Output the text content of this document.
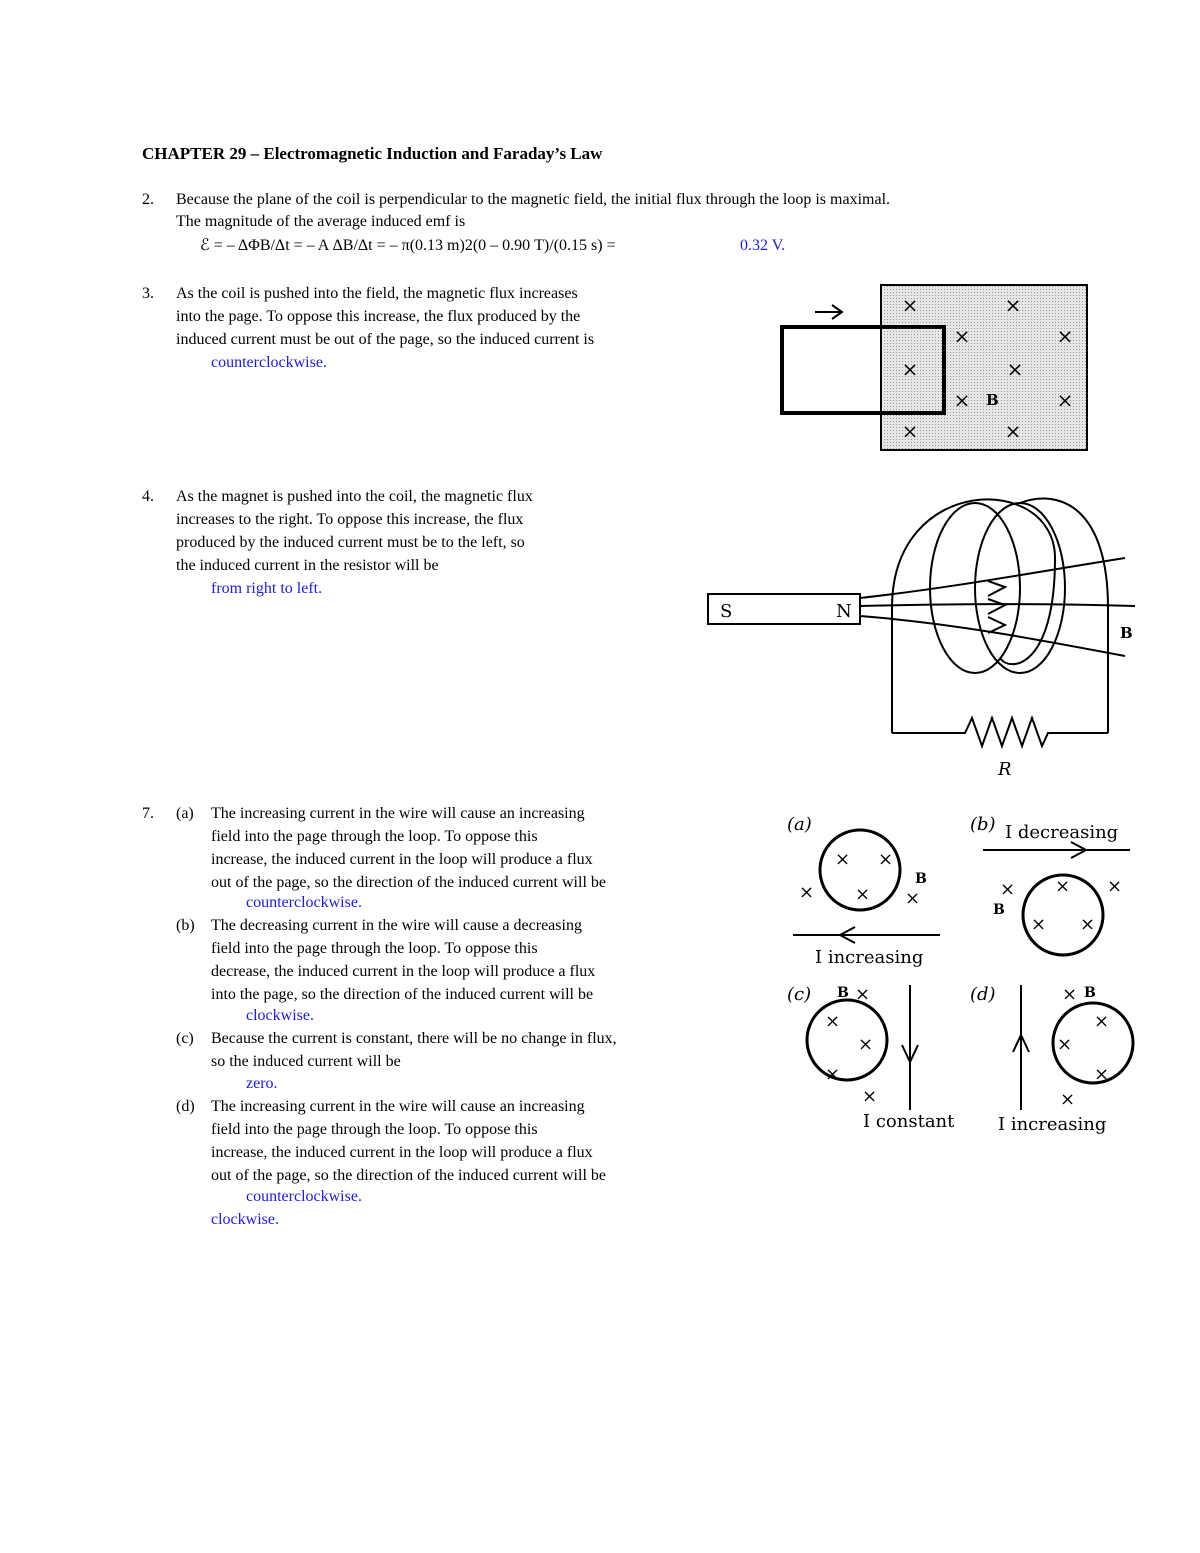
CHAPTER 29 – Electromagnetic Induction and Faraday’s Law
2.	Because the plane of the coil is perpendicular to the magnetic field, the initial flux through the loop is maximal.
The magnitude of the average induced emf is
ℰ = – ΔΦB/Δt = – A ΔB/Δt = – π(0.13 m)2(0 – 0.90 T)/(0.15 s) =	0.32 V.
3.	As the coil is pushed into the field, the magnetic flux increases
into the page. To oppose this increase, the flux produced by the
induced current must be out of the page, so the induced current is
counterclockwise.
×	×
×	×
×	×
×	×
×	×
B
4.	As the magnet is pushed into the coil, the magnetic flux
increases to the right. To oppose this increase, the flux
produced by the induced current must be to the left, so
the induced current in the resistor will be
from right to left.
S	N
B
R
7.	(a) The increasing current in the wire will cause an increasing
field into the page through the loop. To oppose this
increase, the induced current in the loop will produce a flux
out of the page, so the direction of the induced current will be
counterclockwise.
(b) The decreasing current in the wire will cause a decreasing
field into the page through the loop. To oppose this
decrease, the induced current in the loop will produce a flux
into the page, so the direction of the induced current will be
clockwise.
(c) Because the current is constant, there will be no change in flux,
so the induced current will be
zero.
(d) The increasing current in the wire will cause an increasing
field into the page through the loop. To oppose this
increase, the induced current in the loop will produce a flux
out of the page, so the direction of the induced current will be
counterclockwise.
clockwise.
(a)
× ×
×
×	×
B
I increasing
(b) I decreasing
× × ×
× ×
B
(c) B ×
×
×
×
×
I constant
(d)	× B
×
×
×
×
I increasing
